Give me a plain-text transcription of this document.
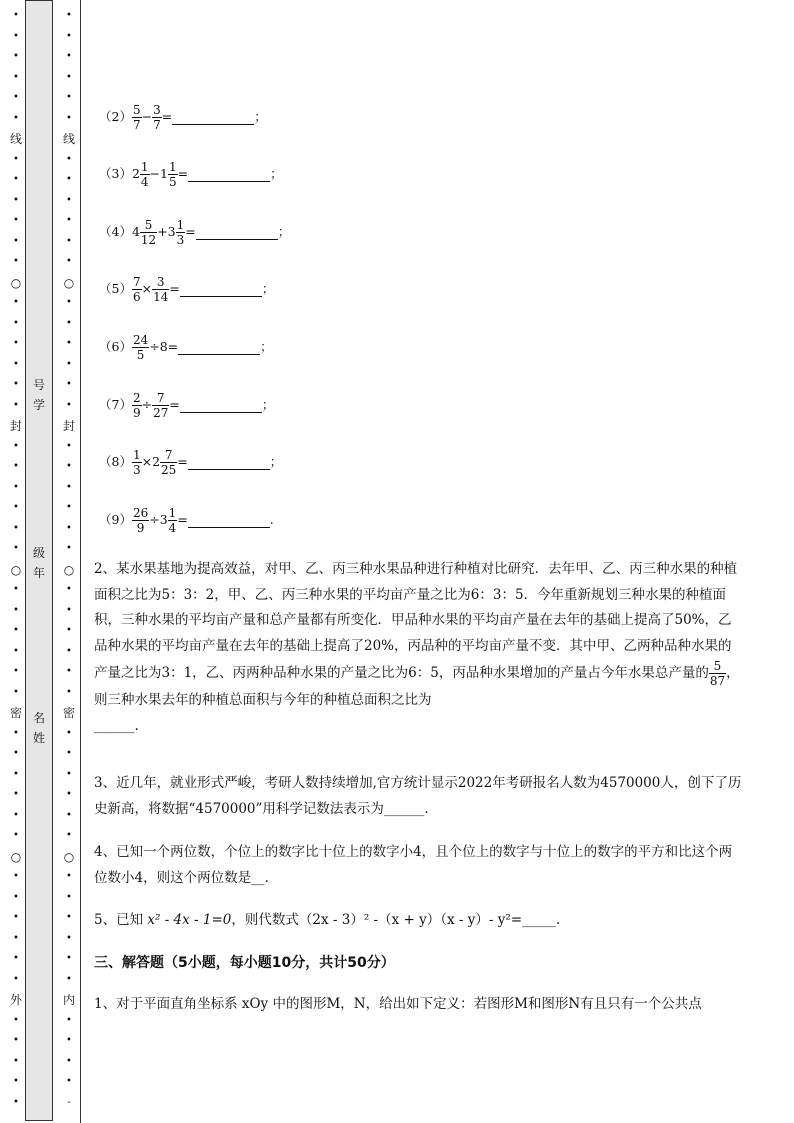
•
•
•
•
•
•
线
•
•
•
•
•
•
○
•
•
•
•
•
•
封
•
•
•
•
•
•
○
•
•
•
•
•
•
密
•
•
•
•
•
•
○
•
•
•
•
•
•
外
•
•
•
•
•
号
学
级
年
名
姓
•
•
•
•
•
•
线
•
•
•
•
•
•
○
•
•
•
•
•
•
封
•
•
•
•
•
•
○
•
•
•
•
•
•
密
•
•
•
•
•
•
○
•
•
•
•
•
•
内
•
•
•
•
-
$(2) \frac{5}{7} - \frac{3}{7}$ =	；
$(3)2 \frac{1}{4} -1 \frac{1}{5}$ =	；
$(4)4 \frac{5}{12} +3 \frac{1}{3}$ =	；
$(5) \frac{7}{6} \times \frac{3}{14}$ =	；
$(6) \frac{24}{5} \div 8=$	；
$(7) \frac{2}{9} \div \frac{7}{27}$ =	；
$(8) \frac{1}{3} \times 2 \frac{7}{25}$ =	；
$(9) \frac{26}{9} \div 3 \frac{1}{4}$ =	.
2、某水果基地为提高效益，对甲、乙、丙三种水果品种进行种植对比研究．去年甲、乙、丙三种水果的种植面积之比为5：3：2，甲、乙、丙三种水果的平均亩产量之比为6：3：5．今年重新规划三种水果的种植面积，三种水果的平均亩产量和总产量都有所变化．甲品种水果的平均亩产量在去年的基础上提高了50%，乙品种水果的平均亩产量在去年的基础上提高了20%，丙品种的平均亩产量不变．其中甲、乙两种品种水果的产量之比为3：1，乙、丙两种品种水果的产量之比为6：5，丙品种水果增加的产量占今年水果总产量的 $\frac{5}{87}$ ，则三种水果去年的种植总面积与今年的种植总面积之比为
______.
3、近几年，就业形式严峻，考研人数持续增加,官方统计显示2022年考研报名人数为4570000人，创下了历史新高，将数据“4570000”用科学记数法表示为______.
4、已知一个两位数，个位上的数字比十位上的数字小4，且个位上的数字与十位上的数字的平方和比这个两位数小4，则这个两位数是__.
5、已知 x² - 4x - 1=0，则代数式（2x - 3）² -（x + y）（x - y）- y²=_____.
三、解答题（5小题，每小题10分，共计50分）
1、对于平面直角坐标系 xOy 中的图形M，N，给出如下定义：若图形M和图形N有且只有一个公共点
